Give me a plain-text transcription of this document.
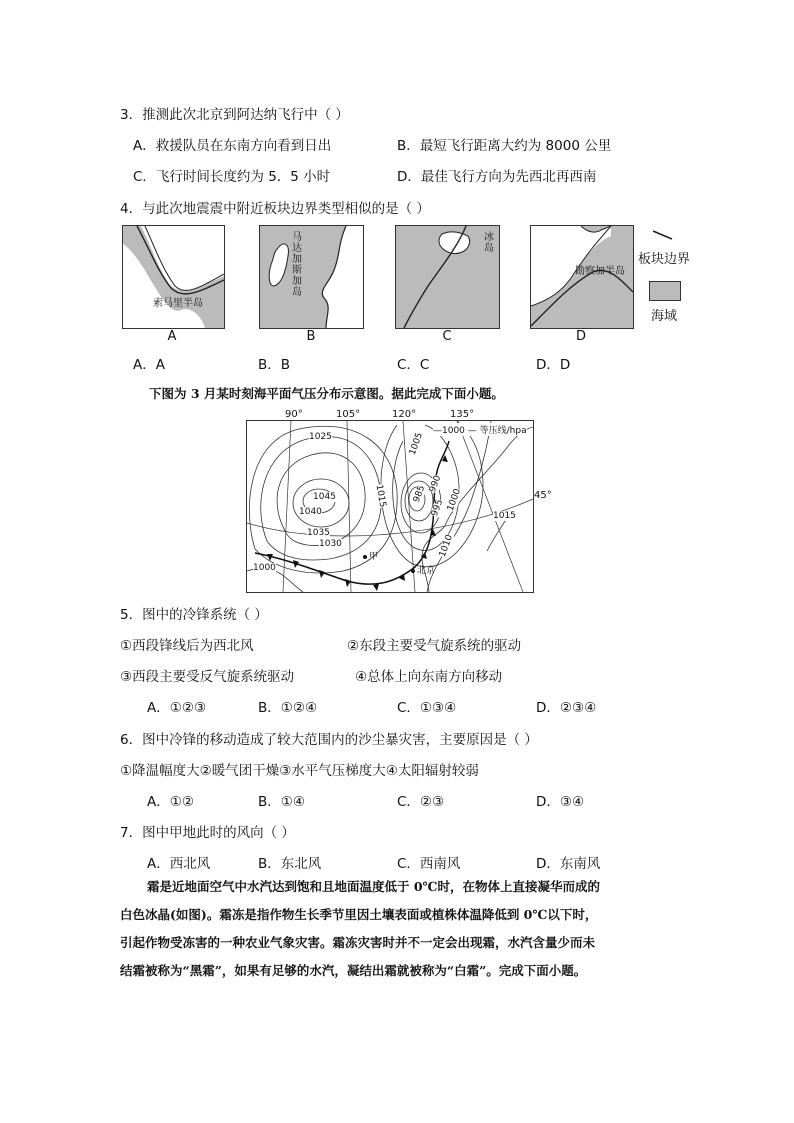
3．推测此次北京到阿达纳飞行中（ ）
A．救援队员在东南方向看到日出	B．最短飞行距离大约为 8000 公里
C．飞行时间长度约为 5．5 小时	D．最佳飞行方向为先西北再西南
4．与此次地震震中附近板块边界类型相似的是（ ）
索马里半岛
A
马达加斯加岛
B
冰岛
C
勘察加半岛
D
板块边界
海域
A．A	B．B	C．C	D．D
下图为 3 月某时刻海平面气压分布示意图。据此完成下面小题。
—1000 — 等压线/hpa
1025
1045
1040
1035
1030
1005
1015	985
990
995 1000
1015
1010
1000
甲
北京
90°	105°	120°	135°
45°
5．图中的冷锋系统（ ）
①西段锋线后为西北风	②东段主要受气旋系统的驱动
③西段主要受反气旋系统驱动	④总体上向东南方向移动
A．①②③	B．①②④	C．①③④	D．②③④
6．图中冷锋的移动造成了较大范围内的沙尘暴灾害，主要原因是（ ）
①降温幅度大②暖气团干燥③水平气压梯度大④太阳辐射较弱
A．①②	B．①④	C．②③	D．③④
7．图中甲地此时的风向（ ）
A．西北风	B．东北风	C．西南风	D．东南风
霜是近地面空气中水汽达到饱和且地面温度低于 0℃时，在物体上直接凝华而成的
白色冰晶(如图)。霜冻是指作物生长季节里因土壤表面或植株体温降低到 0℃以下时，
引起作物受冻害的一种农业气象灾害。霜冻灾害时并不一定会出现霜，水汽含量少而未
结霜被称为“黑霜”，如果有足够的水汽，凝结出霜就被称为“白霜”。完成下面小题。
